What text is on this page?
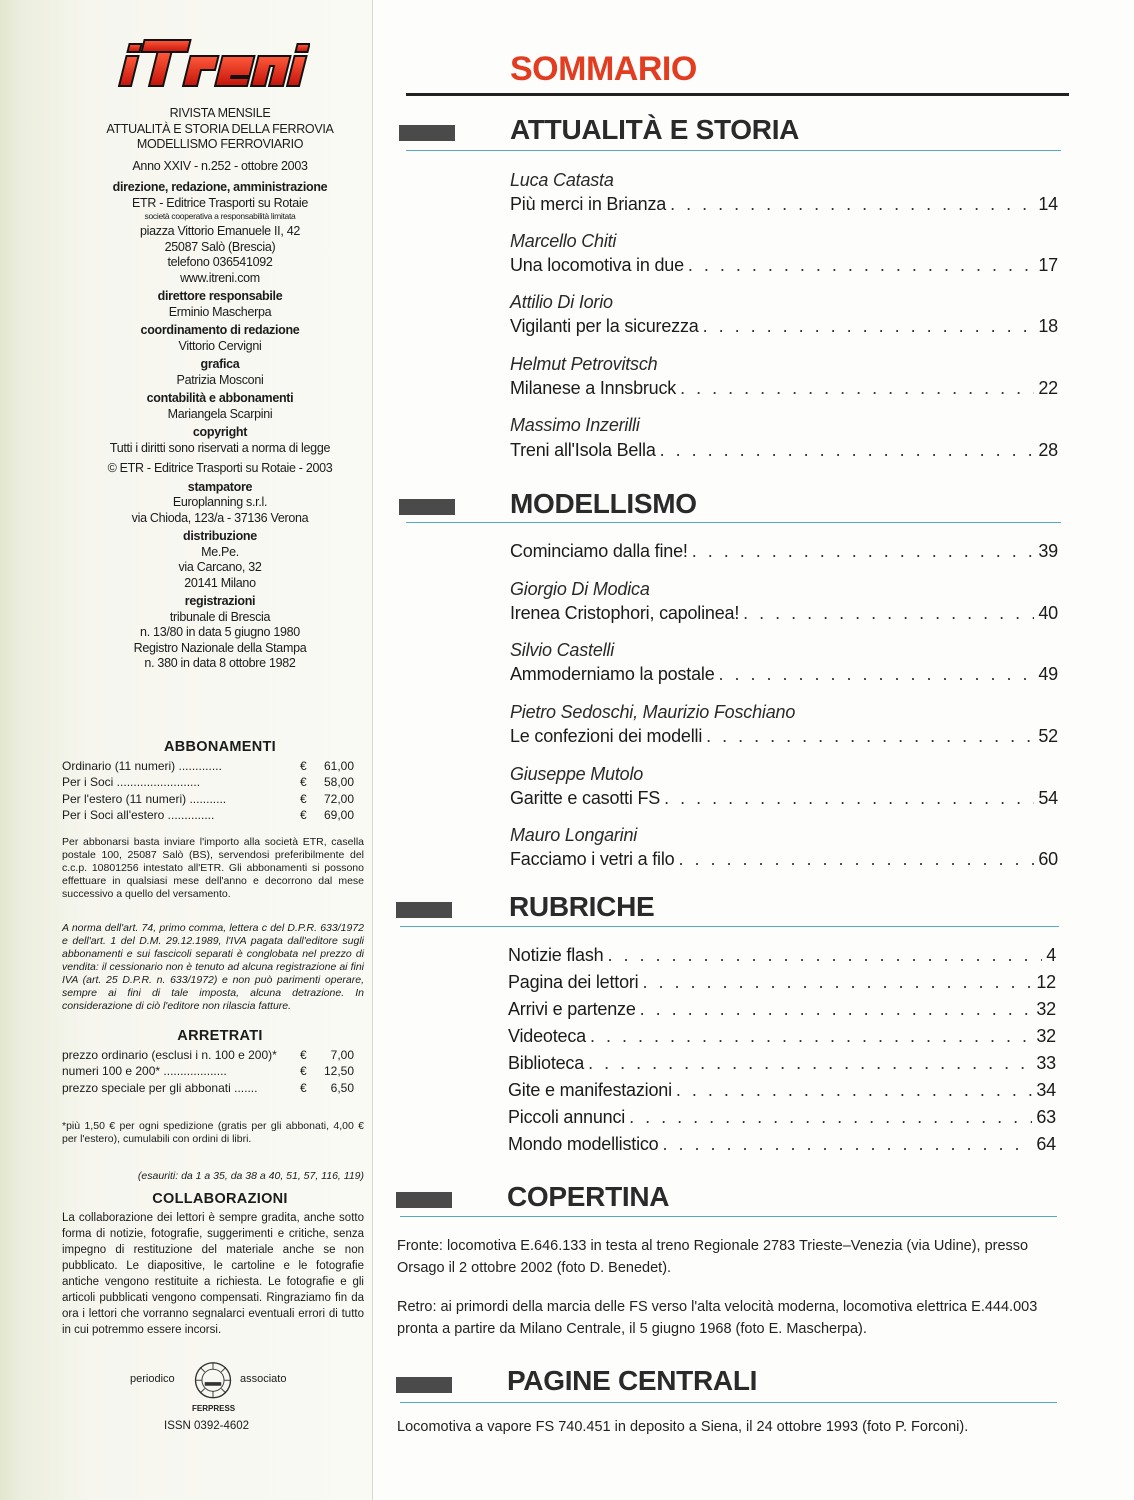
iTreni
RIVISTA MENSILE
ATTUALITÀ E STORIA DELLA FERROVIA
MODELLISMO FERROVIARIO
Anno XXIV - n.252 - ottobre 2003
direzione, redazione, amministrazione
ETR - Editrice Trasporti su Rotaie
società cooperativa a responsabilità limitata
piazza Vittorio Emanuele II, 42
25087 Salò (Brescia)
telefono 036541092
www.itreni.com
direttore responsabile
Erminio Mascherpa
coordinamento di redazione
Vittorio Cervigni
grafica
Patrizia Mosconi
contabilità e abbonamenti
Mariangela Scarpini
copyright
Tutti i diritti sono riservati a norma di legge
© ETR - Editrice Trasporti su Rotaie - 2003
stampatore
Europlanning s.r.l.
via Chioda, 123/a - 37136 Verona
distribuzione
Me.Pe.
via Carcano, 32
20141 Milano
registrazioni
tribunale di Brescia
n. 13/80 in data 5 giugno 1980
Registro Nazionale della Stampa
n. 380 in data 8 ottobre 1982
ABBONAMENTI
Ordinario (11 numeri) .............	€	61,00
Per i Soci .........................	€	58,00
Per l'estero (11 numeri) ...........	€	72,00
Per i Soci all'estero ..............	€	69,00
Per abbonarsi basta inviare l'importo alla società ETR, casella postale 100, 25087 Salò (BS), servendosi preferibilmente del c.c.p. 10801256 intestato all'ETR. Gli abbonamenti si possono effettuare in qualsiasi mese dell'anno e decorrono dal mese successivo a quello del versamento.
A norma dell'art. 74, primo comma, lettera c del D.P.R. 633/1972 e dell'art. 1 del D.M. 29.12.1989, l'IVA pagata dall'editore sugli abbonamenti e sui fascicoli separati è conglobata nel prezzo di vendita: il cessionario non è tenuto ad alcuna registrazione ai fini IVA (art. 25 D.P.R. n. 633/1972) e non può parimenti operare, sempre ai fini di tale imposta, alcuna detrazione. In considerazione di ciò l'editore non rilascia fatture.
ARRETRATI
prezzo ordinario (esclusi i n. 100 e 200)*	€	7,00
numeri 100 e 200* ...................	€	12,50
prezzo speciale per gli abbonati .......	€	6,50
*più 1,50 € per ogni spedizione (gratis per gli abbonati, 4,00 € per l'estero), cumulabili con ordini di libri.
(esauriti: da 1 a 35, da 38 a 40, 51, 57, 116, 119)
COLLABORAZIONI
La collaborazione dei lettori è sempre gradita, anche sotto forma di notizie, fotografie, suggerimenti e critiche, senza impegno di restituzione del materiale anche se non pubblicato. Le diapositive, le cartoline e le fotografie antiche vengono restituite a richiesta. Le fotografie e gli articoli pubblicati vengono compensati. Ringraziamo fin da ora i lettori che vorranno segnalarci eventuali errori di tutto in cui potremmo essere incorsi.
periodico
FERPRESS
associato
ISSN 0392-4602
SOMMARIO
ATTUALITÀ E STORIA
Luca Catasta
Più merci in Brianza . . .	14
Marcello Chiti
Una locomotiva in due . . .	17
Attilio Di Iorio
Vigilanti per la sicurezza . . .	18
Helmut Petrovitsch
Milanese a Innsbruck . . .	22
Massimo Inzerilli
Treni all'Isola Bella . . .	28
MODELLISMO
Cominciamo dalla fine! . . .	39
Giorgio Di Modica
Irenea Cristophori, capolinea! . . .	40
Silvio Castelli
Ammoderniamo la postale . . .	49
Pietro Sedoschi, Maurizio Foschiano
Le confezioni dei modelli . . .	52
Giuseppe Mutolo
Garitte e casotti FS . . .	54
Mauro Longarini
Facciamo i vetri a filo . . .	60
RUBRICHE
Notizie flash . . .	4
Pagina dei lettori . . .	12
Arrivi e partenze . . .	32
Videoteca . . .	32
Biblioteca . . .	33
Gite e manifestazioni . . .	34
Piccoli annunci . . .	63
Mondo modellistico . . .	64
COPERTINA
Fronte: locomotiva E.646.133 in testa al treno Regionale 2783 Trieste–Venezia (via Udine), presso Orsago il 2 ottobre 2002 (foto D. Benedet).
Retro: ai primordi della marcia delle FS verso l'alta velocità moderna, locomotiva elettrica E.444.003 pronta a partire da Milano Centrale, il 5 giugno 1968 (foto E. Mascherpa).
PAGINE CENTRALI
Locomotiva a vapore FS 740.451 in deposito a Siena, il 24 ottobre 1993 (foto P. Forconi).
